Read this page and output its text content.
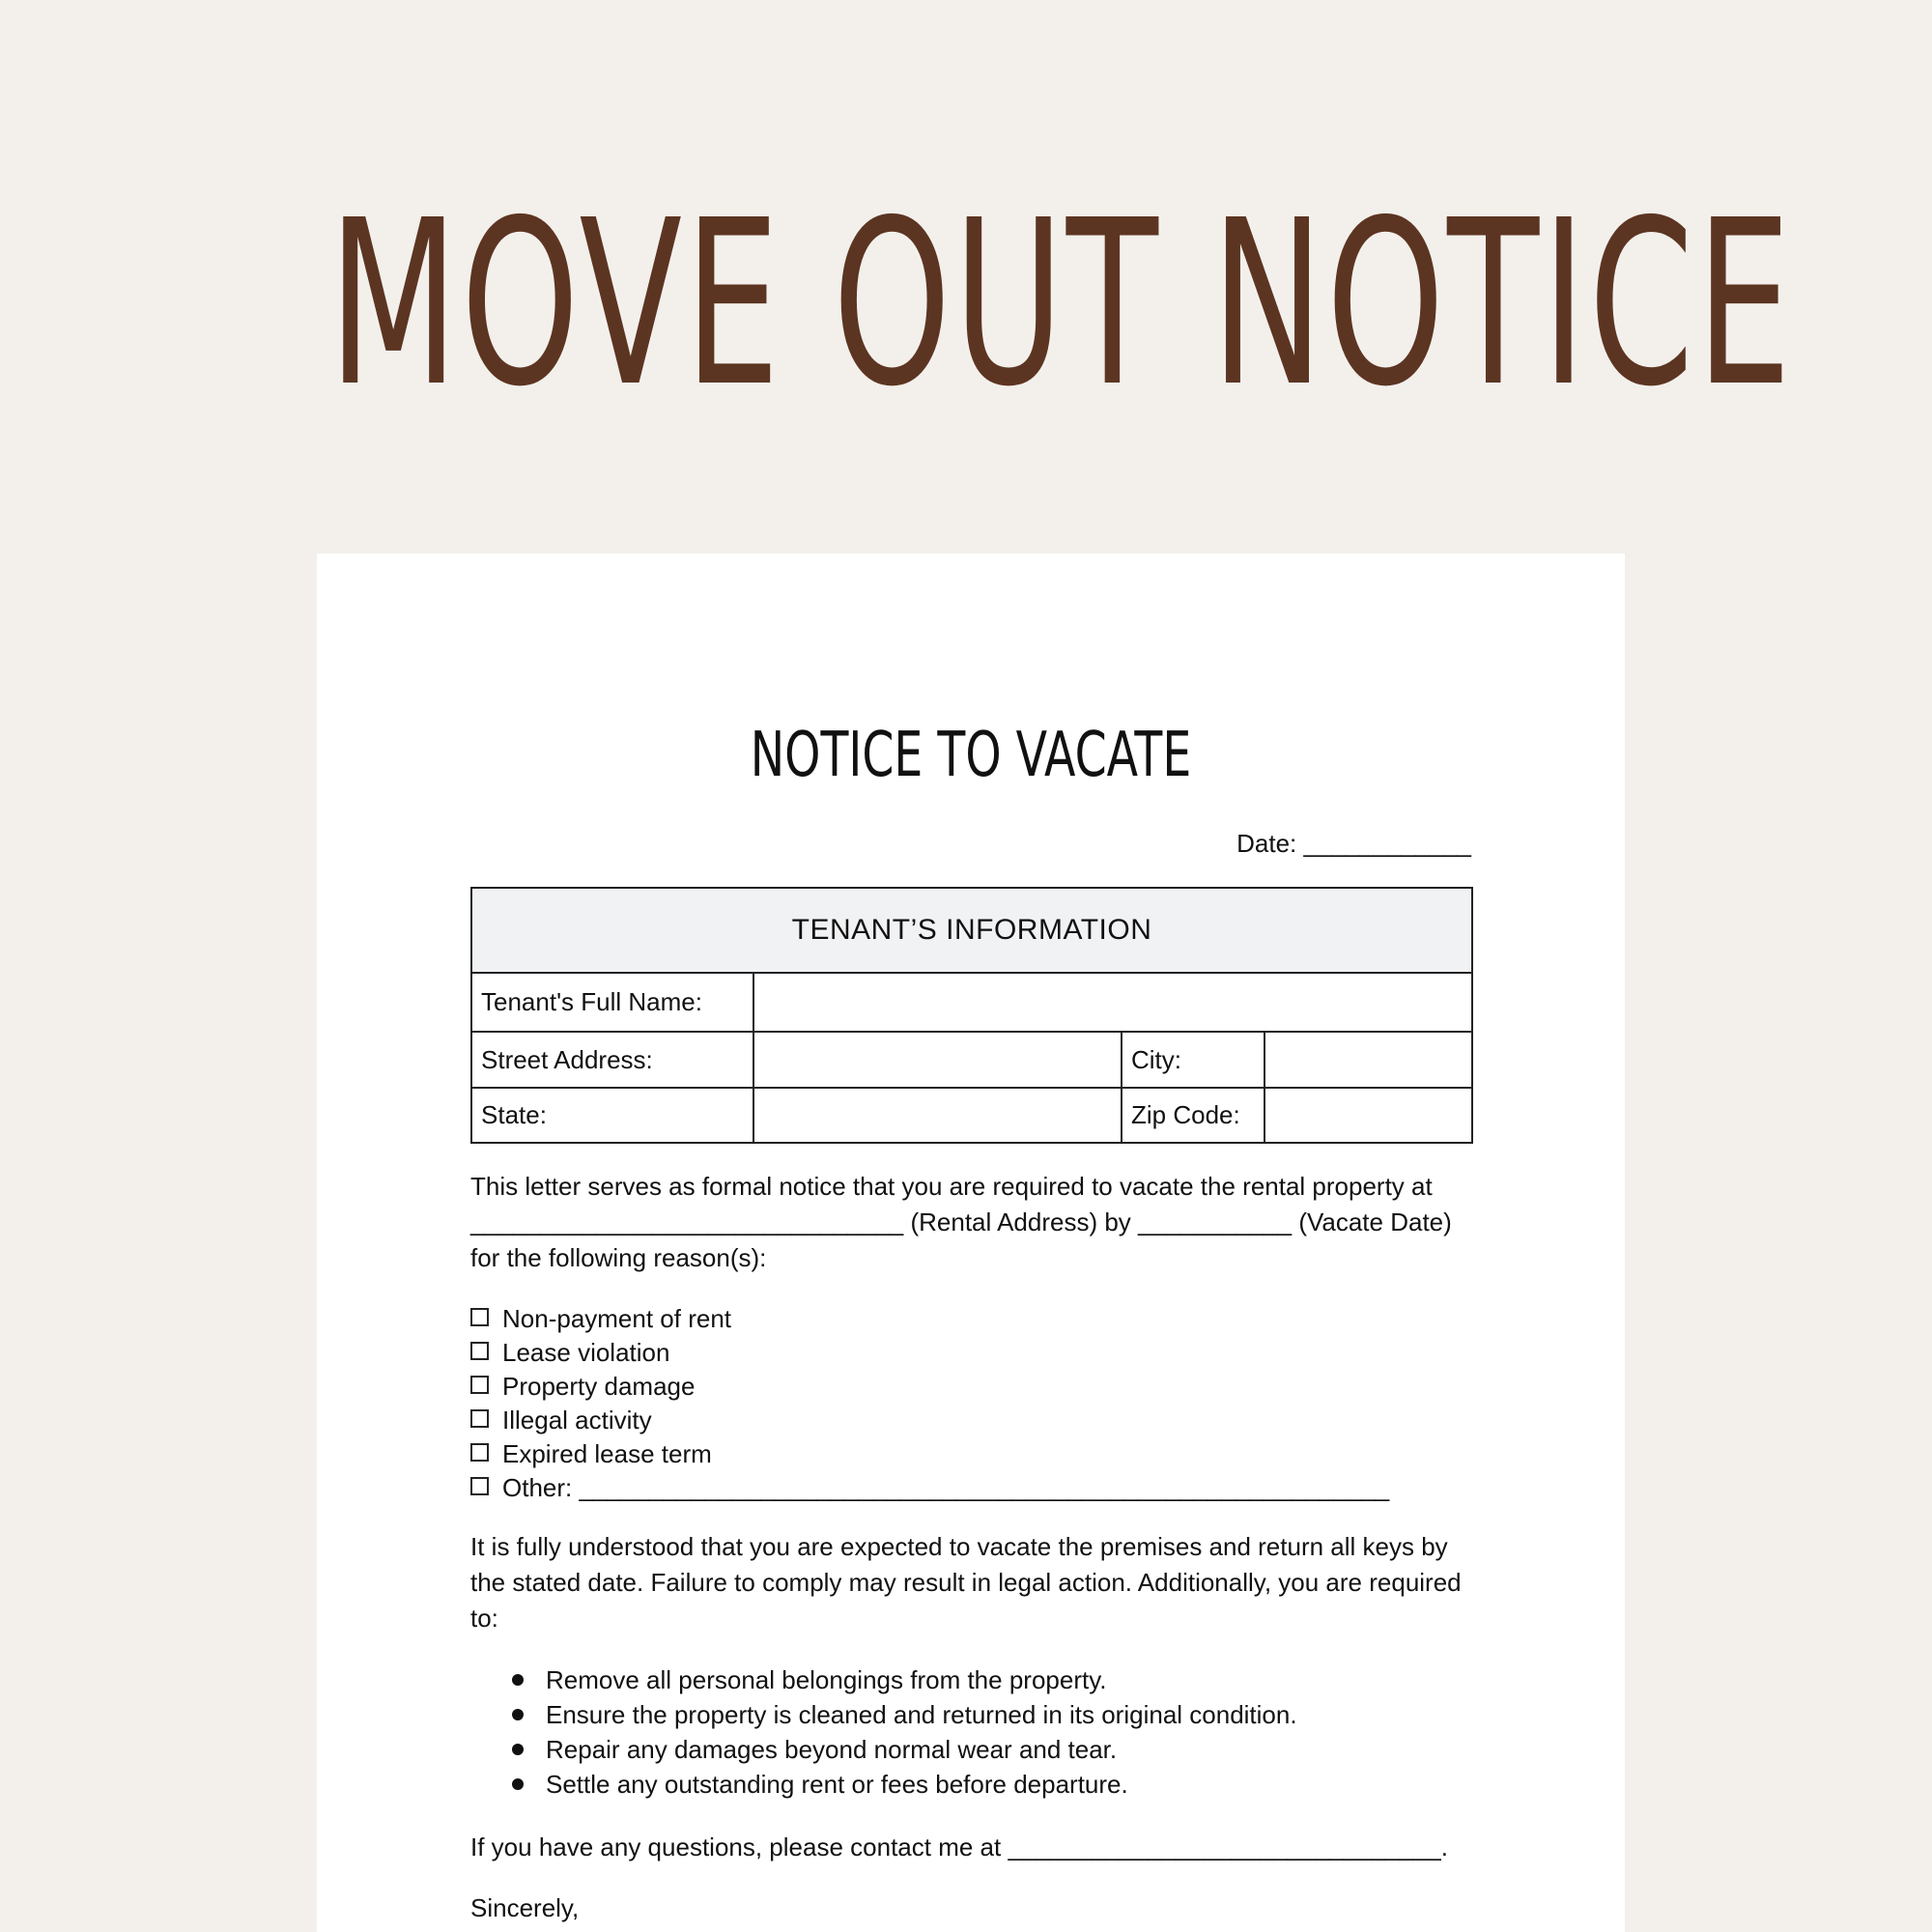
MOVE OUT NOTICE
NOTICE TO VACATE
Date: ____________
TENANT’S INFORMATION			
Tenant's Full Name:			
Street Address:		City:	
State:		Zip Code:	

This letter serves as formal notice that you are required to vacate the rental property at _______________________________ (Rental Address) by ___________ (Vacate Date) for the following reason(s):

Non-payment of rent
Lease violation
Property damage
Illegal activity
Expired lease term
Other: __________________________________________________________

It is fully understood that you are expected to vacate the premises and return all keys by the stated date. Failure to comply may result in legal action. Additionally, you are required to:

Remove all personal belongings from the property.
Ensure the property is cleaned and returned in its original condition.
Repair any damages beyond normal wear and tear.
Settle any outstanding rent or fees before departure.

If you have any questions, please contact me at _______________________________.

Sincerely,
